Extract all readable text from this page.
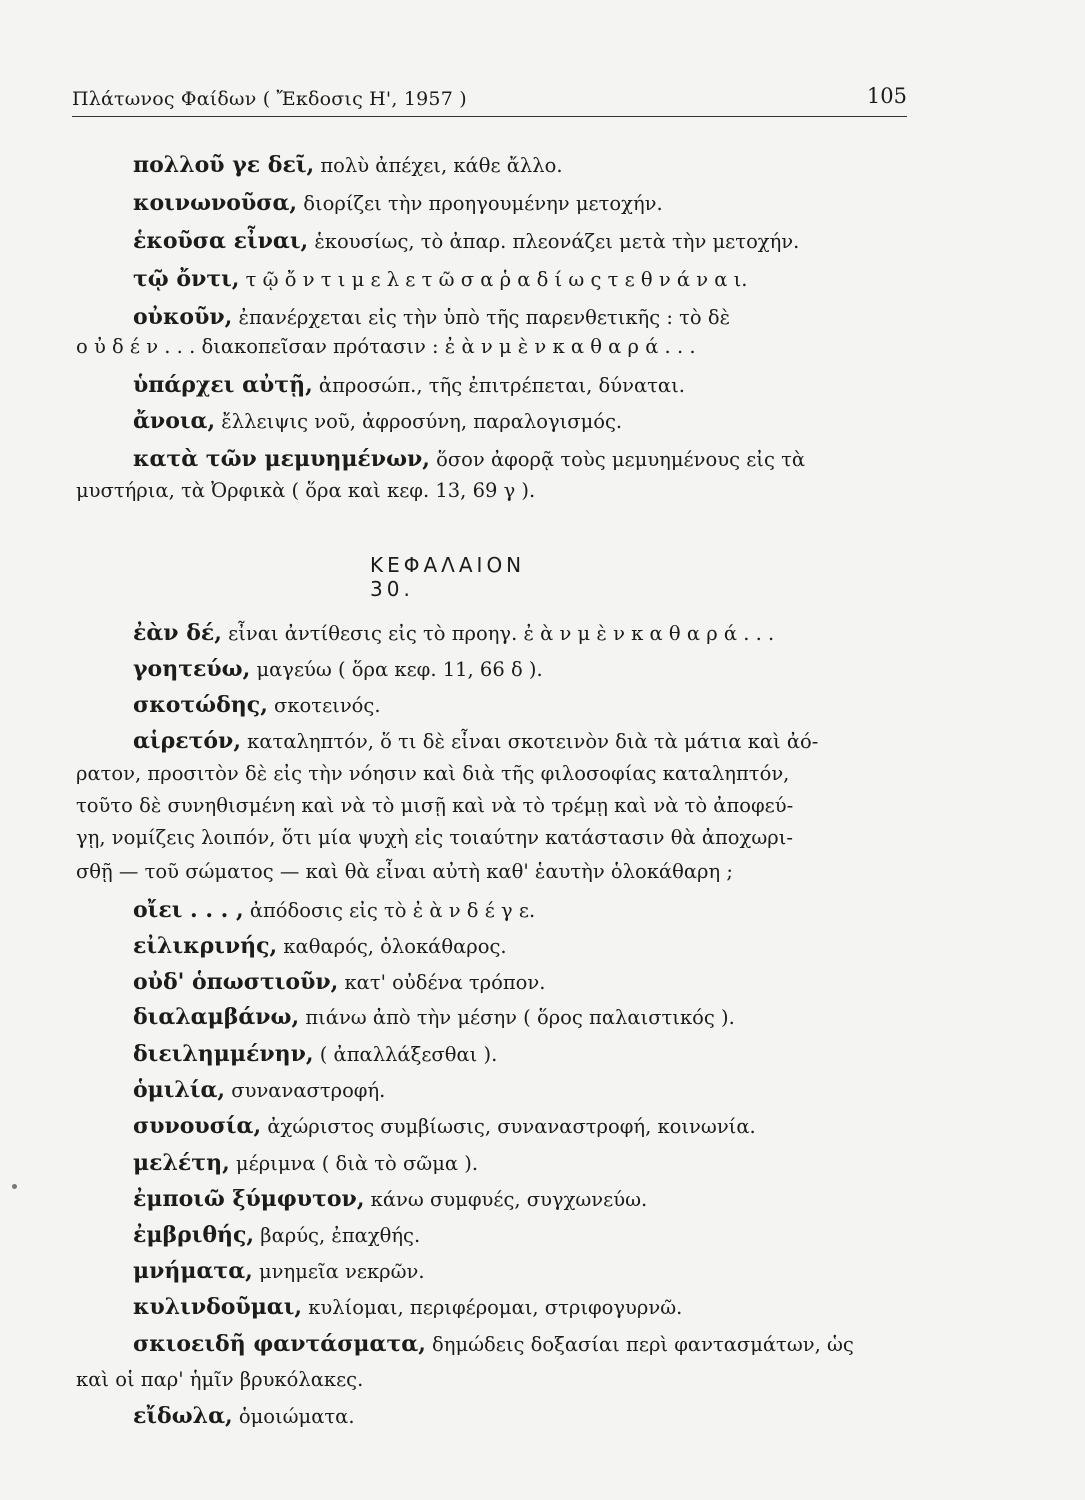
Πλάτωνος Φαίδων ( Ἔκδοσις Η', 1957 )	105
πολλοῦ γε δεῖ, πολὺ ἀπέχει, κάθε ἄλλο.
κοινωνοῦσα, διορίζει τὴν προηγουμένην μετοχήν.
ἑκοῦσα εἶναι, ἑκουσίως, τὸ ἀπαρ. πλεονάζει μετὰ τὴν μετοχήν.
τῷ ὄντι, τ ῷ ὄ ν τ ι μ ε λ ε τ ῶ σ α ῥ α δ ί ω ς τ ε θ ν ά ν α ι.
οὐκοῦν, ἐπανέρχεται εἰς τὴν ὑπὸ τῆς παρενθετικῆς : τὸ δὲ
ο ὐ δ έ ν . . . διακοπεῖσαν πρότασιν : ἐ ὰ ν μ ὲ ν κ α θ α ρ ά . . .
ὑπάρχει αὐτῇ, ἀπροσώπ., τῆς ἐπιτρέπεται, δύναται.
ἄνοια, ἔλλειψις νοῦ, ἀφροσύνη, παραλογισμός.
κατὰ τῶν μεμυημένων, ὅσον ἀφορᾷ τοὺς μεμυημένους εἰς τὰ
μυστήρια, τὰ Ὀρφικὰ ( ὅρα καὶ κεφ. 13, 69 γ ).
ΚΕΦΑΛΑΙΟΝ 30.
ἐὰν δέ, εἶναι ἀντίθεσις εἰς τὸ προηγ. ἐ ὰ ν μ ὲ ν κ α θ α ρ ά . . .
γοητεύω, μαγεύω ( ὅρα κεφ. 11, 66 δ ).
σκοτώδης, σκοτεινός.
αἱρετόν, καταληπτόν, ὅ τι δὲ εἶναι σκοτεινὸν διὰ τὰ μάτια καὶ ἀό-
ρατον, προσιτὸν δὲ εἰς τὴν νόησιν καὶ διὰ τῆς φιλοσοφίας καταληπτόν,
τοῦτο δὲ συνηθισμένη καὶ νὰ τὸ μισῇ καὶ νὰ τὸ τρέμῃ καὶ νὰ τὸ ἀποφεύ-
γῃ, νομίζεις λοιπόν, ὅτι μία ψυχὴ εἰς τοιαύτην κατάστασιν θὰ ἀποχωρι-
σθῇ — τοῦ σώματος — καὶ θὰ εἶναι αὐτὴ καθ' ἑαυτὴν ὁλοκάθαρη ;
οἴει . . . , ἀπόδοσις εἰς τὸ ἐ ὰ ν δ έ γ ε.
εἰλικρινής, καθαρός, ὁλοκάθαρος.
οὐδ' ὁπωστιοῦν, κατ' οὐδένα τρόπον.
διαλαμβάνω, πιάνω ἀπὸ τὴν μέσην ( ὅρος παλαιστικός ).
διειλημμένην, ( ἀπαλλάξεσθαι ).
ὁμιλία, συναναστροφή.
συνουσία, ἀχώριστος συμβίωσις, συναναστροφή, κοινωνία.
μελέτη, μέριμνα ( διὰ τὸ σῶμα ).
ἐμποιῶ ξύμφυτον, κάνω συμφυές, συγχωνεύω.
ἐμβριθής, βαρύς, ἐπαχθής.
μνήματα, μνημεῖα νεκρῶν.
κυλινδοῦμαι, κυλίομαι, περιφέρομαι, στριφογυρνῶ.
σκιοειδῆ φαντάσματα, δημώδεις δοξασίαι περὶ φαντασμάτων, ὡς
καὶ οἱ παρ' ἡμῖν βρυκόλακες.
εἴδωλα, ὁμοιώματα.
